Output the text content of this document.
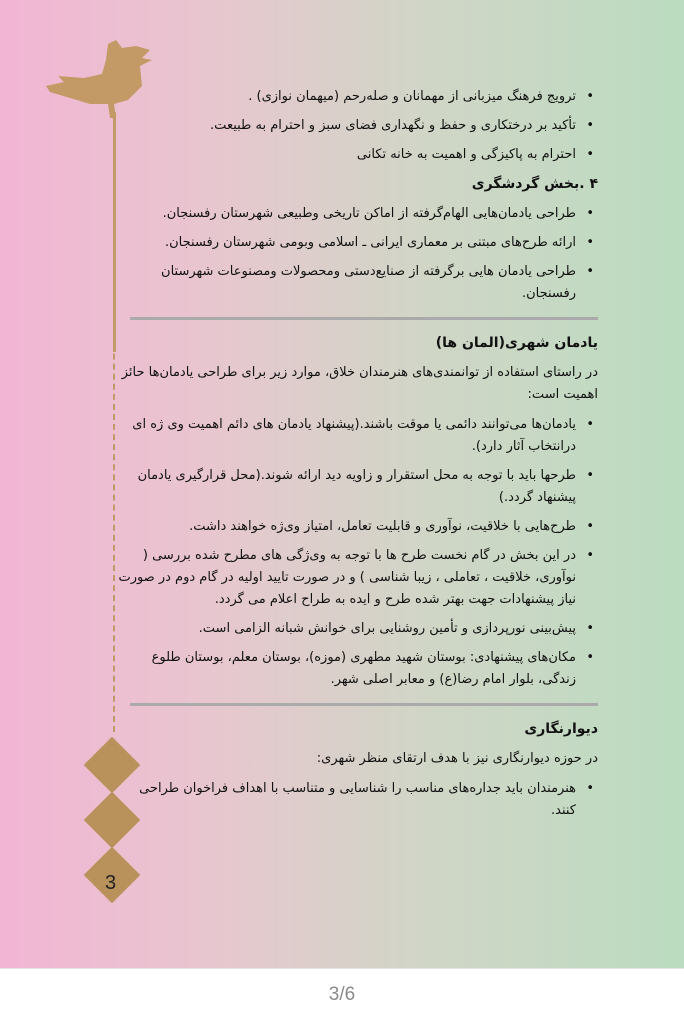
3
• ترویج فرهنگ میزبانی از مهمانان و صله‌رحم (میهمان نوازی) .
• تأکید بر درختکاری و حفظ و نگهداری فضای سبز و احترام به طبیعت.
• احترام به پاکیزگی و اهمیت به خانه تکانی
۴ .بخش گردشگری
• طراحی یادمان‌هایی الهام‌گرفته از اماکن تاریخی وطبیعی شهرستان رفسنجان.
• ارائه طرح‌های مبتنی بر معماری ایرانی ـ اسلامی وبومی شهرستان رفسنجان.
• طراحی یادمان هایی برگرفته از صنایع‌دستی ومحصولات ومصنوعات شهرستان رفسنجان.
یادمان شهری(المان ها)

در راستای استفاده از توانمندی‌های هنرمندان خلاق، موارد زیر برای طراحی یادمان‌ها حائز اهمیت است:

• یادمان‌ها می‌توانند دائمی یا موقت باشند.(پیشنهاد یادمان های دائم اهمیت وی ژه ای درانتخاب آثار دارد).
• طرحها باید با توجه به محل استقرار و زاویه دید ارائه شوند.(محل قرارگیری یادمان پیشنهاد گردد.)
• طرح‌هایی با خلاقیت، نوآوری و قابلیت تعامل، امتیاز وی‌ژه خواهند داشت.
• در این بخش در گام نخست طرح ها با توجه به وی‌ژگی های مطرح شده بررسی ( نوآوری، خلاقیت ، تعاملی ، زیبا شناسی ) و در صورت تایید اولیه در گام دوم در صورت نیاز پیشنهادات جهت بهتر شده طرح و ایده به طراح اعلام می گردد.
• پیش‌بینی نورپردازی و تأمین روشنایی برای خوانش شبانه الزامی است.
• مکان‌های پیشنهادی: بوستان شهید مطهری (موزه)، بوستان معلم، بوستان طلوع زندگی، بلوار امام رضا(ع) و معابر اصلی شهر.
دیوارنگاری

در حوزه دیوارنگاری نیز با هدف ارتقای منظر شهری:

• هنرمندان باید جداره‌های مناسب را شناسایی و متناسب با اهداف فراخوان طراحی کنند.
3/6
